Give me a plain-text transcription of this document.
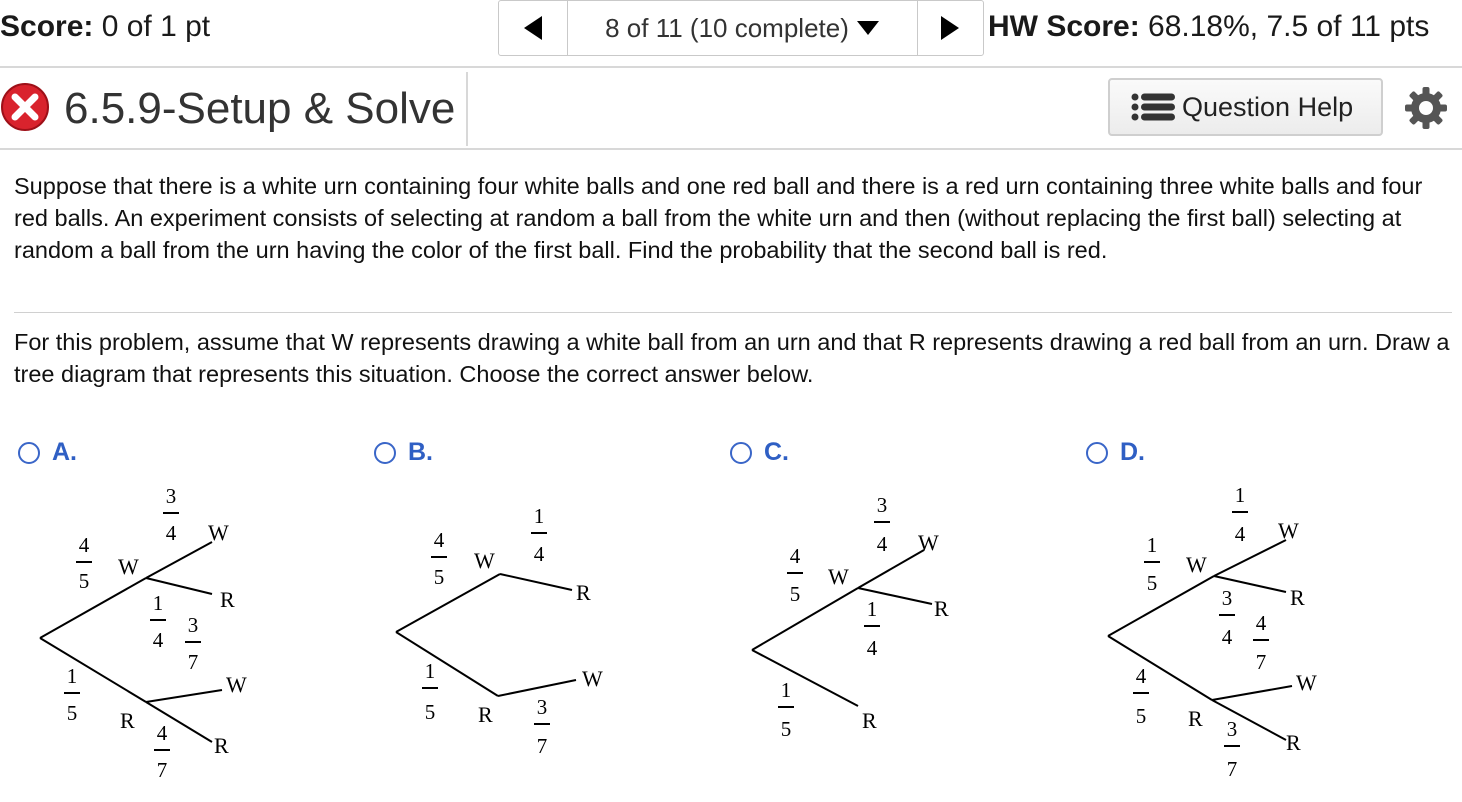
Score: 0 of 1 pt	8 of 11 (10 complete)	HW Score: 68.18%, 7.5 of 11 pts
6.5.9-Setup & Solve	Question Help
Suppose that there is a white urn containing four white balls and one red ball and there is a red urn containing three white balls and four red balls. An experiment consists of selecting at random a ball from the white urn and then (without replacing the first ball) selecting at random a ball from the urn having the color of the first ball. Find the probability that the second ball is red.
For this problem, assume that W represents drawing a white ball from an urn and that R represents drawing a red ball from an urn. Draw a tree diagram that represents this situation. Choose the correct answer below.
A.	B.	C.	D.
4
5
W
1
5 R
3
4 W
1
4
R
3
7
W
4
7
R
4
5
W
1
5 R
1
4
R
3
7
W
4
5
W
1
5	R
3
4 W
1
4
R
1
5
W
4
5 R
1
4 W
3
4
R
4
7
W
3
7
R
